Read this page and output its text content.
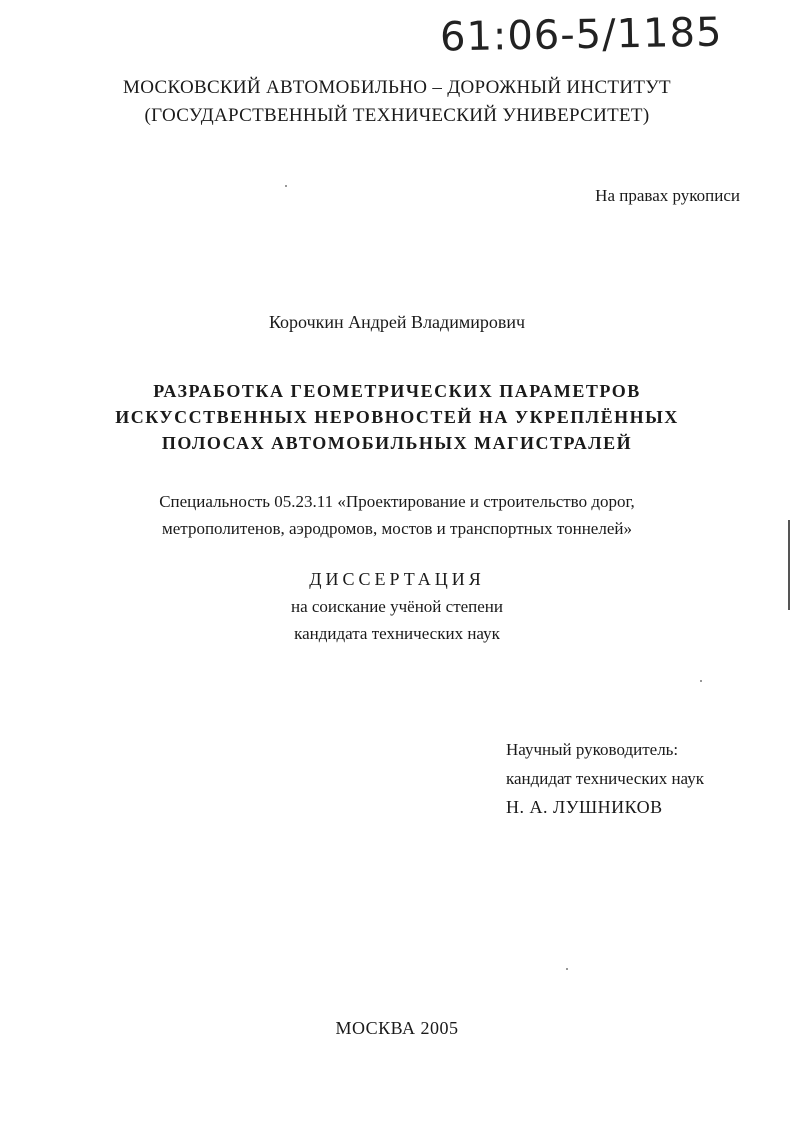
61:06-5/1185
МОСКОВСКИЙ АВТОМОБИЛЬНО – ДОРОЖНЫЙ ИНСТИТУТ
(ГОСУДАРСТВЕННЫЙ ТЕХНИЧЕСКИЙ УНИВЕРСИТЕТ)
На правах рукописи
Корочкин Андрей Владимирович
РАЗРАБОТКА ГЕОМЕТРИЧЕСКИХ ПАРАМЕТРОВ
ИСКУССТВЕННЫХ НЕРОВНОСТЕЙ НА УКРЕПЛЁННЫХ
ПОЛОСАХ АВТОМОБИЛЬНЫХ МАГИСТРАЛЕЙ
Специальность 05.23.11 «Проектирование и строительство дорог,
метрополитенов, аэродромов, мостов и транспортных тоннелей»
ДИССЕРТАЦИЯ
на соискание учёной степени
кандидата технических наук
Научный руководитель:
кандидат технических наук
Н. А. ЛУШНИКОВ
МОСКВА 2005
